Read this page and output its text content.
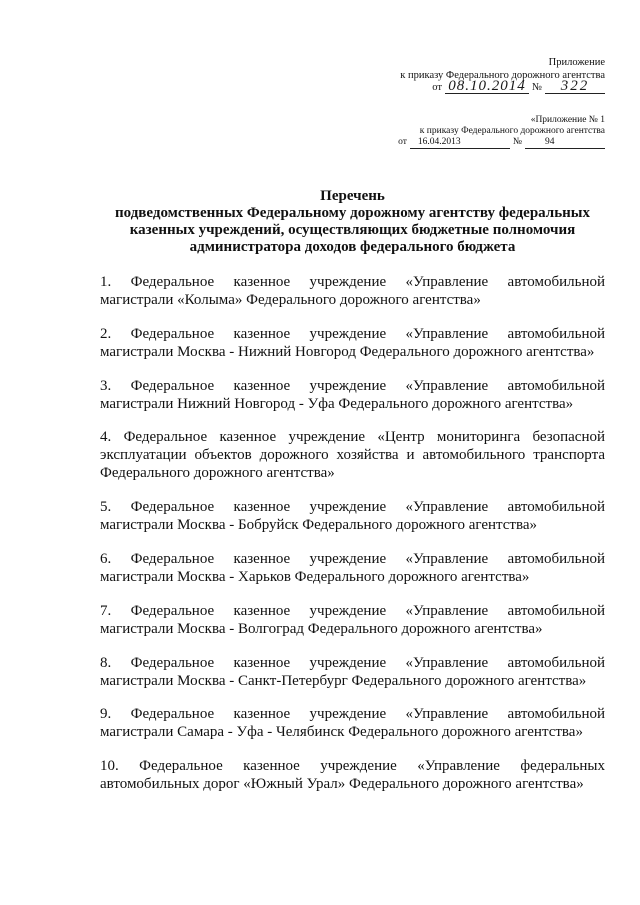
Приложение
к приказу Федерального дорожного агентства
от 08.10.2014 №	322
«Приложение № 1
к приказу Федерального дорожного агентства
от	16.04.2013	№	94
Перечень
подведомственных Федеральному дорожному агентству федеральных
казенных учреждений, осуществляющих бюджетные полномочия
администратора доходов федерального бюджета
1. Федеральное казенное учреждение «Управление автомобильной
магистрали «Колыма» Федерального дорожного агентства»
2. Федеральное казенное учреждение «Управление автомобильной
магистрали Москва - Нижний Новгород Федерального дорожного агентства»
3. Федеральное казенное учреждение «Управление автомобильной
магистрали Нижний Новгород - Уфа Федерального дорожного агентства»
4. Федеральное казенное учреждение «Центр мониторинга безопасной
эксплуатации объектов дорожного хозяйства и автомобильного транспорта
Федерального дорожного агентства»
5. Федеральное казенное учреждение «Управление автомобильной
магистрали Москва - Бобруйск Федерального дорожного агентства»
6. Федеральное казенное учреждение «Управление автомобильной
магистрали Москва - Харьков Федерального дорожного агентства»
7. Федеральное казенное учреждение «Управление автомобильной
магистрали Москва - Волгоград Федерального дорожного агентства»
8. Федеральное казенное учреждение «Управление автомобильной
магистрали Москва - Санкт-Петербург Федерального дорожного агентства»
9. Федеральное казенное учреждение «Управление автомобильной
магистрали Самара - Уфа - Челябинск Федерального дорожного агентства»
10. Федеральное казенное учреждение «Управление федеральных
автомобильных дорог «Южный Урал» Федерального дорожного агентства»
